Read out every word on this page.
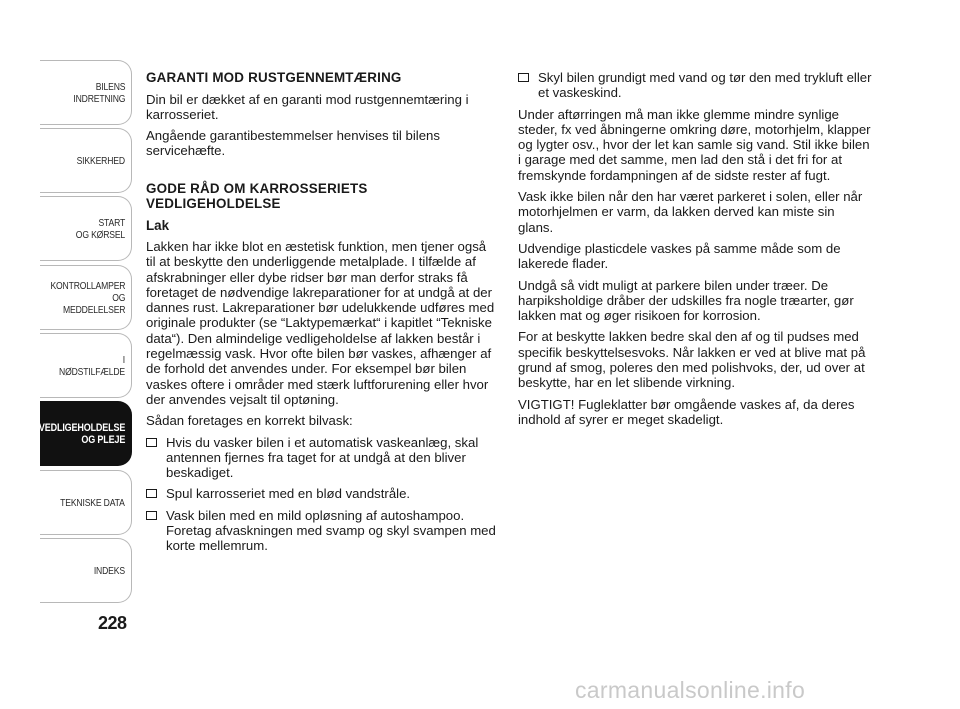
BILENS
INDRETNING
SIKKERHED
START
OG KØRSEL
KONTROLLAMPER
OG MEDDELELSER
I NØDSTILFÆLDE
VEDLIGEHOLDELSE
OG PLEJE
TEKNISKE DATA
INDEKS
228
GARANTI MOD RUSTGENNEMTÆRING

Din bil er dækket af en garanti mod rustgennemtæring i karrosseriet.

Angående garantibestemmelser henvises til bilens servicehæfte.

GODE RÅD OM KARROSSERIETS VEDLIGEHOLDELSE
Lak

Lakken har ikke blot en æstetisk funktion, men tjener også til at beskytte den underliggende metalplade. I tilfælde af afskrabninger eller dybe ridser bør man derfor straks få foretaget de nødvendige lakreparationer for at undgå at der dannes rust. Lakreparationer bør udelukkende udføres med originale produkter (se “Laktypemærkat“ i kapitlet “Tekniske data“). Den almindelige vedligeholdelse af lakken består i regelmæssig vask. Hvor ofte bilen bør vaskes, afhænger af de forhold det anvendes under. For eksempel bør bilen vaskes oftere i områder med stærk luftforurening eller hvor der anvendes vejsalt til optøning.

Sådan foretages en korrekt bilvask:

Hvis du vasker bilen i et automatisk vaskeanlæg, skal antennen fjernes fra taget for at undgå at den bliver beskadiget.
Spul karrosseriet med en blød vandstråle.
Vask bilen med en mild opløsning af autoshampoo. Foretag afvaskningen med svamp og skyl svampen med korte mellemrum.
Skyl bilen grundigt med vand og tør den med trykluft eller et vaskeskind.

Under aftørringen må man ikke glemme mindre synlige steder, fx ved åbningerne omkring døre, motorhjelm, klapper og lygter osv., hvor der let kan samle sig vand. Stil ikke bilen i garage med det samme, men lad den stå i det fri for at fremskynde fordampningen af de sidste rester af fugt.

Vask ikke bilen når den har været parkeret i solen, eller når motorhjelmen er varm, da lakken derved kan miste sin glans.

Udvendige plasticdele vaskes på samme måde som de lakerede flader.

Undgå så vidt muligt at parkere bilen under træer. De harpiksholdige dråber der udskilles fra nogle træarter, gør lakken mat og øger risikoen for korrosion.

For at beskytte lakken bedre skal den af og til pudses med specifik beskyttelsesvoks. Når lakken er ved at blive mat på grund af smog, poleres den med polishvoks, der, ud over at beskytte, har en let slibende virkning.

VIGTIGT! Fugleklatter bør omgående vaskes af, da deres indhold af syrer er meget skadeligt.

carmanualsonline.info
